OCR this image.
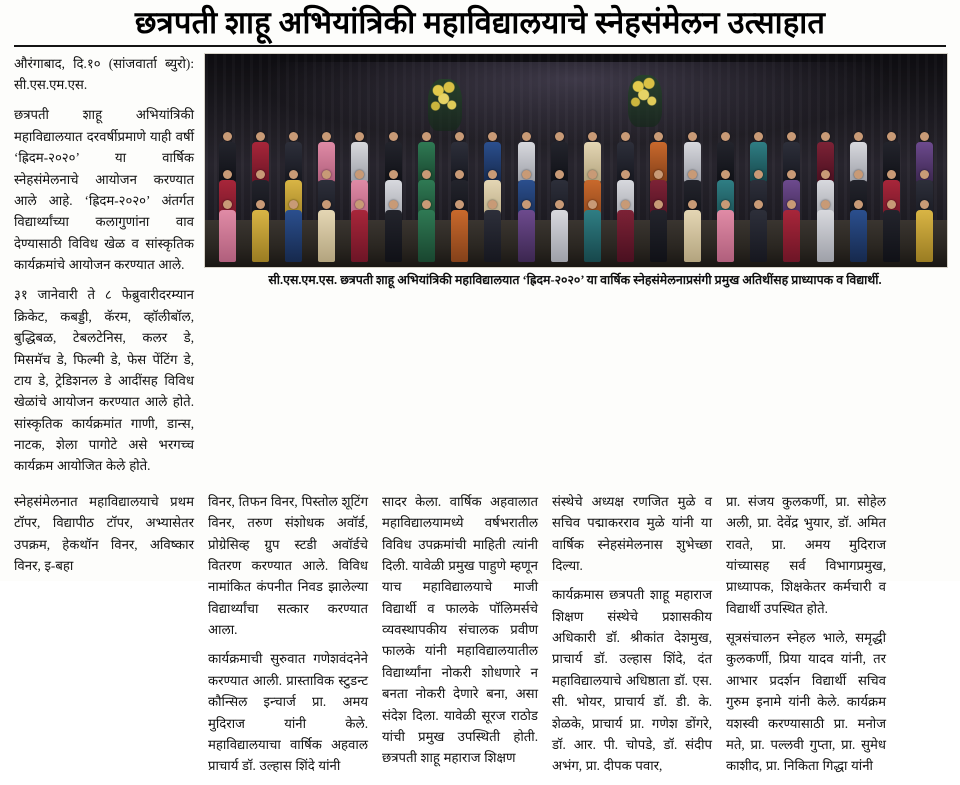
छत्रपती शाहू अभियांत्रिकी महाविद्यालयाचे स्नेहसंमेलन उत्साहात

औरंगाबाद, दि.१० (सांजवार्ता ब्युरो): सी.एस.एम.एस.

छत्रपती शाहू अभियांत्रिकी महाविद्यालयात दरवर्षीप्रमाणे याही वर्षी ‘ह्रिदम-२०२०’ या वार्षिक स्नेहसंमेलनाचे आयोजन करण्यात आले आहे. ‘ह्रिदम-२०२०’ अंतर्गत विद्यार्थ्यांच्या कलागुणांना वाव देण्यासाठी विविध खेळ व सांस्कृतिक कार्यक्रमांचे आयोजन करण्यात आले.

३१ जानेवारी ते ८ फेब्रुवारीदरम्यान क्रिकेट, कबड्डी, कॅरम, व्हॉलीबॉल, बुद्धिबळ, टेबलटेनिस, कलर डे, मिसमॅच डे, फिल्मी डे, फेस पेंटिंग डे, टाय डे, ट्रेडिशनल डे आदींसह विविध खेळांचे आयोजन करण्यात आले होते. सांस्कृतिक कार्यक्रमांत गाणी, डान्स, नाटक, शेला पागोटे असे भरगच्च कार्यक्रम आयोजित केले होते.

सी.एस.एम.एस. छत्रपती शाहू अभियांत्रिकी महाविद्यालयात ‘ह्रिदम-२०२०’ या वार्षिक स्नेहसंमेलनाप्रसंगी प्रमुख अतिथींसह प्राध्यापक व विद्यार्थी.

स्नेहसंमेलनात महाविद्यालयाचे प्रथम टॉपर, विद्यापीठ टॉपर, अभ्यासेतर उपक्रम, हेकथॉन विनर, अविष्कार विनर, इ-बहा

विनर, तिफन विनर, पिस्तोल शूटिंग विनर, तरुण संशोधक अवॉर्ड, प्रोग्रेसिव्ह ग्रुप स्टडी अवॉर्डचे वितरण करण्यात आले. विविध नामांकित कंपनीत निवड झालेल्या विद्यार्थ्यांचा सत्कार करण्यात आला.

कार्यक्रमाची सुरुवात गणेशवंदनेने करण्यात आली. प्रास्ताविक स्टुडन्ट कौन्सिल इन्चार्ज प्रा. अमय मुदिराज यांनी केले. महाविद्यालयाचा वार्षिक अहवाल प्राचार्य डॉ. उल्हास शिंदे यांनी

सादर केला. वार्षिक अहवालात महाविद्यालयामध्ये वर्षभरातील विविध उपक्रमांची माहिती त्यांनी दिली. यावेळी प्रमुख पाहुणे म्हणून याच महाविद्यालयाचे माजी विद्यार्थी व फालके पॉलिमर्सचे व्यवस्थापकीय संचालक प्रवीण फालके यांनी महाविद्यालयातील विद्यार्थ्यांना नोकरी शोधणारे न बनता नोकरी देणारे बना, असा संदेश दिला. यावेळी सूरज राठोड यांची प्रमुख उपस्थिती होती. छत्रपती शाहू महाराज शिक्षण

संस्थेचे अध्यक्ष रणजित मुळे व सचिव पद्माकरराव मुळे यांनी या वार्षिक स्नेहसंमेलनास शुभेच्छा दिल्या.

कार्यक्रमास छत्रपती शाहू महाराज शिक्षण संस्थेचे प्रशासकीय अधिकारी डॉ. श्रीकांत देशमुख, प्राचार्य डॉ. उल्हास शिंदे, दंत महाविद्यालयाचे अधिष्ठाता डॉ. एस. सी. भोयर, प्राचार्य डॉ. डी. के. शेळके, प्राचार्य प्रा. गणेश डोंगरे, डॉ. आर. पी. चोपडे, डॉ. संदीप अभंग, प्रा. दीपक पवार,

प्रा. संजय कुलकर्णी, प्रा. सोहेल अली, प्रा. देवेंद्र भुयार, डॉ. अमित रावते, प्रा. अमय मुदिराज यांच्यासह सर्व विभागप्रमुख, प्राध्यापक, शिक्षकेतर कर्मचारी व विद्यार्थी उपस्थित होते.

सूत्रसंचालन स्नेहल भाले, समृद्धी कुलकर्णी, प्रिया यादव यांनी, तर आभार प्रदर्शन विद्यार्थी सचिव गुरुम इनामे यांनी केले. कार्यक्रम यशस्वी करण्यासाठी प्रा. मनोज मते, प्रा. पल्लवी गुप्ता, प्रा. सुमेध काशीद, प्रा. निकिता गिद्धा यांनी
